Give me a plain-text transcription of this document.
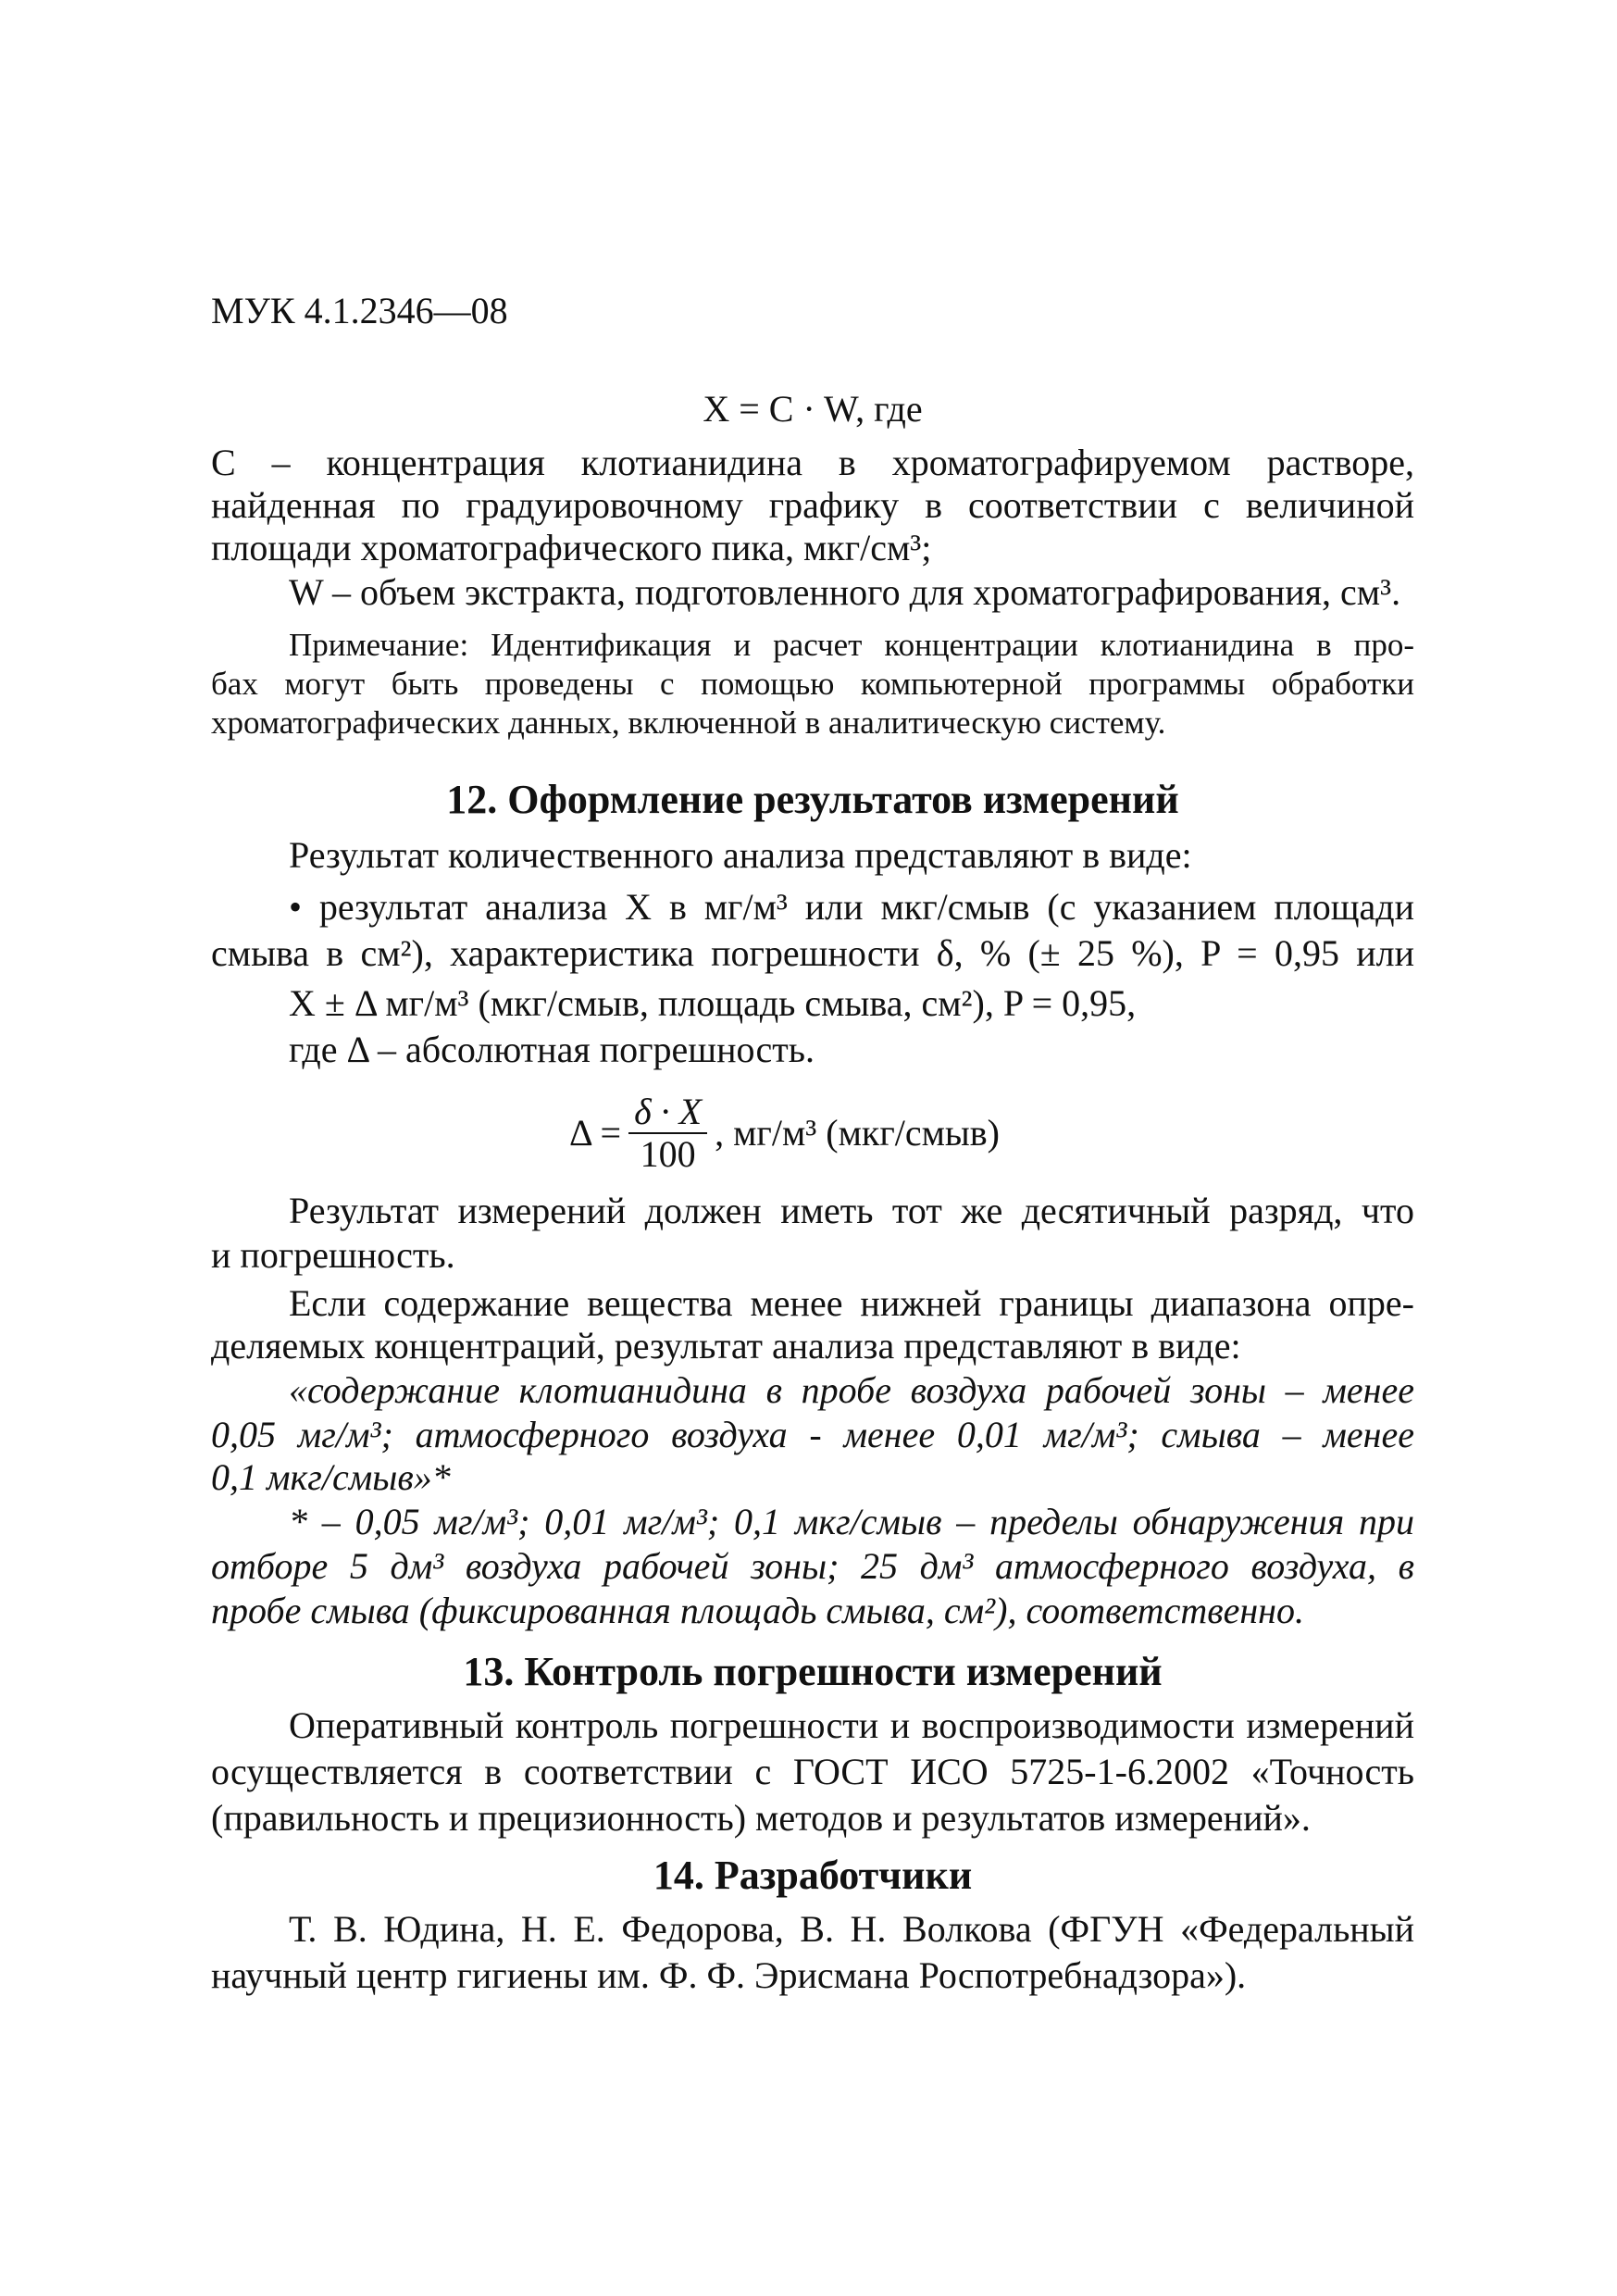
МУК 4.1.2346—08
X = C · W, где
С – концентрация клотианидина в хроматографируемом растворе,
найденная по градуировочному графику в соответствии с величиной
площади хроматографического пика, мкг/см³;
W – объем экстракта, подготовленного для хроматографирования, см³.
Примечание: Идентификация и расчет концентрации клотианидина в про-
бах могут быть проведены с помощью компьютерной программы обработки
хроматографических данных, включенной в аналитическую систему.
12. Оформление результатов измерений
Результат количественного анализа представляют в виде:
• результат анализа X в мг/м³ или мкг/смыв (с указанием площади
смыва в см²), характеристика погрешности δ, % (± 25 %), P = 0,95 или
X ± Δ мг/м³ (мкг/смыв, площадь смыва, см²), P = 0,95,
где Δ – абсолютная погрешность.
$\Delta = \frac{\delta \cdot X}{100}$ , мг/м³ (мкг/смыв)
Результат измерений должен иметь тот же десятичный разряд, что
и погрешность.
Если содержание вещества менее нижней границы диапазона опре-
деляемых концентраций, результат анализа представляют в виде:
«содержание клотианидина в пробе воздуха рабочей зоны – менее
0,05 мг/м³; атмосферного воздуха - менее 0,01 мг/м³; смыва – менее
0,1 мкг/смыв»*
* – 0,05 мг/м³; 0,01 мг/м³; 0,1 мкг/смыв – пределы обнаружения при
отборе 5 дм³ воздуха рабочей зоны; 25 дм³ атмосферного воздуха, в
пробе смыва (фиксированная площадь смыва, см²), соответственно.
13. Контроль погрешности измерений
Оперативный контроль погрешности и воспроизводимости измерений
осуществляется в соответствии с ГОСТ ИСО 5725-1-6.2002 «Точность
(правильность и прецизионность) методов и результатов измерений».
14. Разработчики
Т. В. Юдина, Н. Е. Федорова, В. Н. Волкова (ФГУН «Федеральный
научный центр гигиены им. Ф. Ф. Эрисмана Роспотребнадзора»).
